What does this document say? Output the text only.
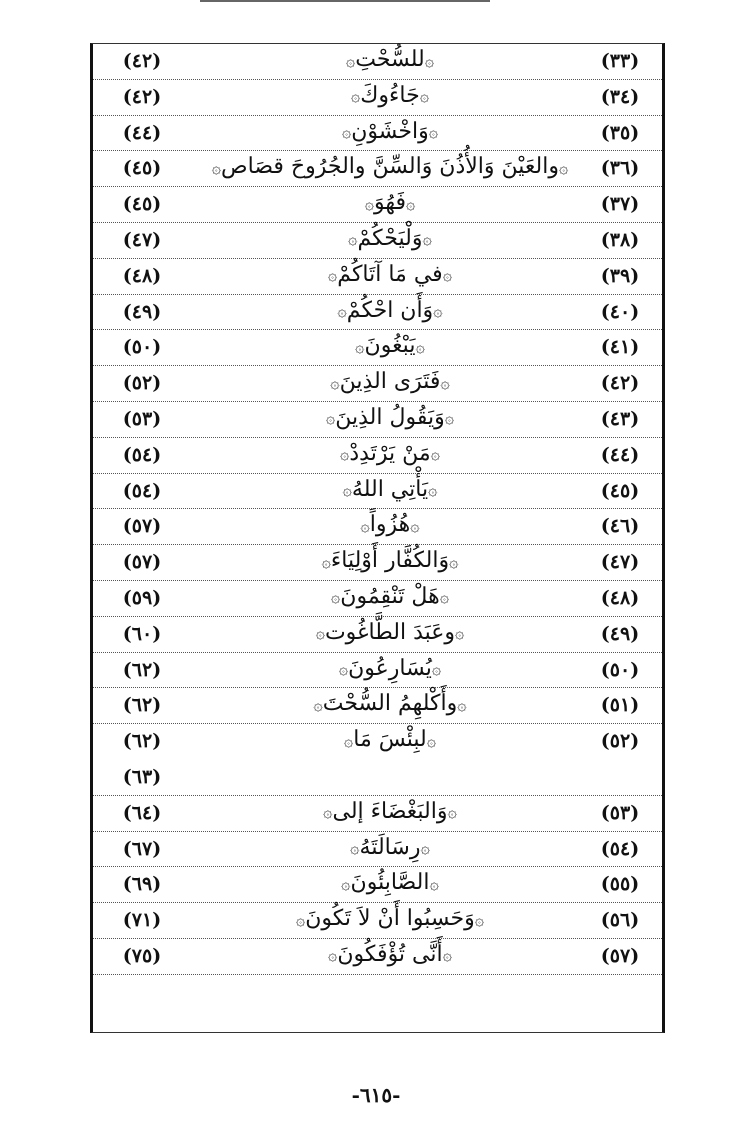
(٣٣)
۞للسُّحْتِ۞
(٤٢)
(٣٤)
۞جَاءُوكَ۞
(٤٢)
(٣٥)
۞وَاخْشَوْنِ۞
(٤٤)
(٣٦)
۞والعَيْنَ وَالأُذُنَ وَالسِّنَّ والجُرُوحَ قصَاص۞
(٤٥)
(٣٧)
۞فَهُوَ۞
(٤٥)
(٣٨)
۞وَلْيَحْكُمْ۞
(٤٧)
(٣٩)
۞في مَا آتَاكُمْ۞
(٤٨)
(٤٠)
۞وَأَن احْكُمْ۞
(٤٩)
(٤١)
۞يَبْغُونَ۞
(٥٠)
(٤٢)
۞فَتَرَى الذِينَ۞
(٥٢)
(٤٣)
۞وَيَقُولُ الذِينَ۞
(٥٣)
(٤٤)
۞مَنْ يَرْتَدِدْ۞
(٥٤)
(٤٥)
۞يَأْتِي اللهُ۞
(٥٤)
(٤٦)
۞هُزُواً۞
(٥٧)
(٤٧)
۞وَالكُفَّار أَوْلِيَاءَ۞
(٥٧)
(٤٨)
۞هَلْ تَنْقِمُونَ۞
(٥٩)
(٤٩)
۞وعَبَدَ الطَّاغُوت۞
(٦٠)
(٥٠)
۞يُسَارِعُونَ۞
(٦٢)
(٥١)
۞وأَكْلهِمُ السُّحْتَ۞
(٦٢)
(٥٢)
۞لبِئْسَ مَا۞
(٦٢)
(٦٣)
(٥٣)
۞وَالبَغْضَاءَ إلى۞
(٦٤)
(٥٤)
۞رِسَالَتَهُ۞
(٦٧)
(٥٥)
۞الصَّابِئُونَ۞
(٦٩)
(٥٦)
۞وَحَسِبُوا أَنْ لاَ تَكُونَ۞
(٧١)
(٥٧)
۞أَنَّى تُؤْفَكُونَ۞
(٧٥)
-٦١٥-
